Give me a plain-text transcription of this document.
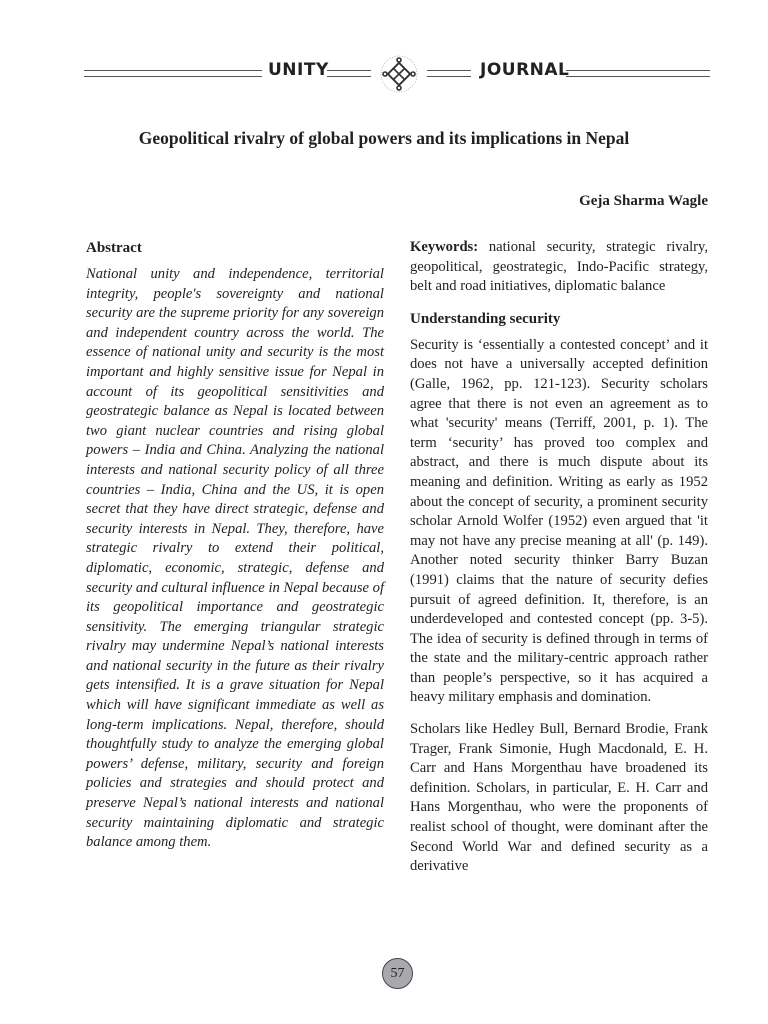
UNITY	JOURNAL
Geopolitical rivalry of global powers and its implications in Nepal
Geja Sharma Wagle
Abstract

National unity and independence, territorial integrity, people's sovereignty and national security are the supreme priority for any sovereign and independent country across the world. The essence of national unity and security is the most important and highly sensitive issue for Nepal in account of its geopolitical sensitivities and geostrategic balance as Nepal is located between two giant nuclear countries and rising global powers – India and China. Analyzing the national interests and national security policy of all three countries – India, China and the US, it is open secret that they have direct strategic, defense and security interests in Nepal. They, therefore, have strategic rivalry to extend their political, diplomatic, economic, strategic, defense and security and cultural influence in Nepal because of its geopolitical importance and geostrategic sensitivity. The emerging triangular strategic rivalry may undermine Nepal’s national interests and national security in the future as their rivalry gets intensified. It is a grave situation for Nepal which will have significant immediate as well as long-term implications. Nepal, therefore, should thoughtfully study to analyze the emerging global powers’ defense, military, security and foreign policies and strategies and should protect and preserve Nepal’s national interests and national security maintaining diplomatic and strategic balance among them.

Keywords: national security, strategic rivalry, geopolitical, geostrategic, Indo-Pacific strategy, belt and road initiatives, diplomatic balance

Understanding security

Security is ‘essentially a contested concept’ and it does not have a universally accepted definition (Galle, 1962, pp. 121-123). Security scholars agree that there is not even an agreement as to what 'security' means (Terriff, 2001, p. 1). The term ‘security’ has proved too complex and abstract, and there is much dispute about its meaning and definition. Writing as early as 1952 about the concept of security, a prominent security scholar Arnold Wolfer (1952) even argued that 'it may not have any precise meaning at all' (p. 149). Another noted security thinker Barry Buzan (1991) claims that the nature of security defies pursuit of agreed definition. It, therefore, is an underdeveloped and contested concept (pp. 3-5). The idea of security is defined through in terms of the state and the military-centric approach rather than people’s perspective, so it has acquired a heavy military emphasis and domination.

Scholars like Hedley Bull, Bernard Brodie, Frank Trager, Frank Simonie, Hugh Macdonald, E. H. Carr and Hans Morgenthau have broadened its definition. Scholars, in particular, E. H. Carr and Hans Morgenthau, who were the proponents of realist school of thought, were dominant after the Second World War and defined security as a derivative

57
